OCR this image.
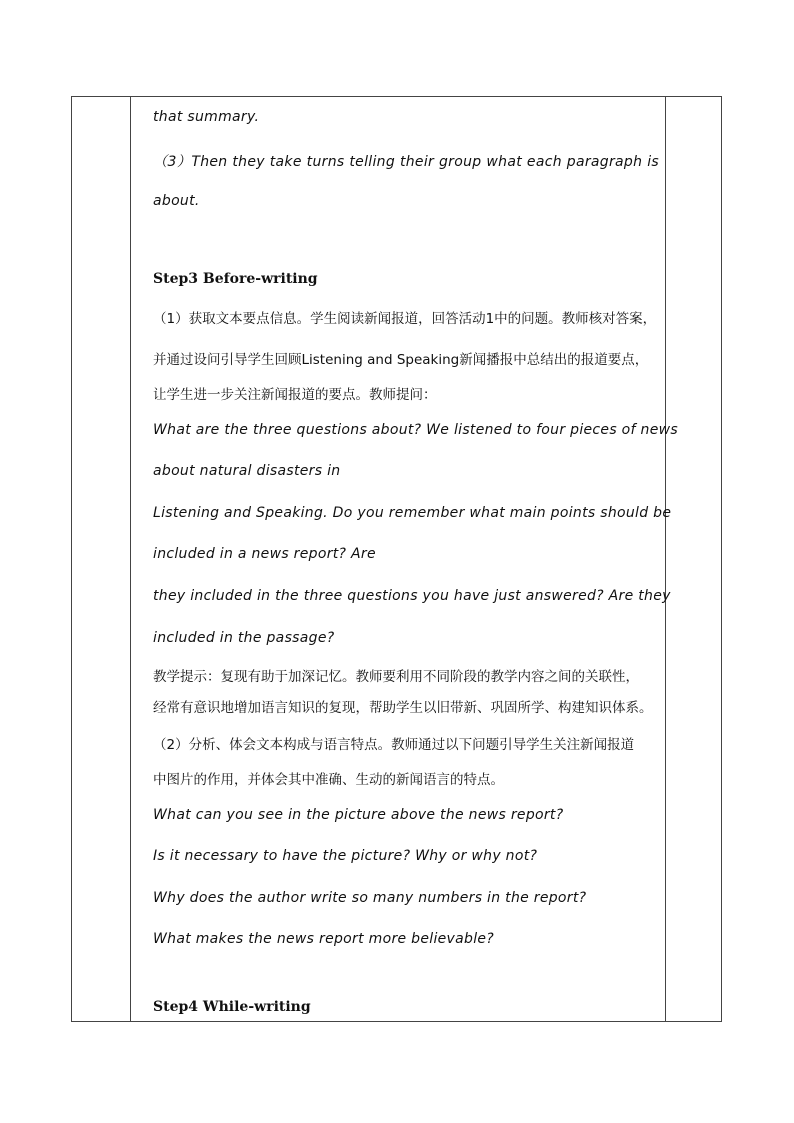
that summary.
（3）Then they take turns telling their group what each paragraph is
about.
Step3 Before-writing
（1）获取文本要点信息。学生阅读新闻报道，回答活动1中的问题。教师核对答案，
并通过设问引导学生回顾Listening and Speaking新闻播报中总结出的报道要点，
让学生进一步关注新闻报道的要点。教师提问：
What are the three questions about? We listened to four pieces of news
about natural disasters in
Listening and Speaking. Do you remember what main points should be
included in a news report? Are
they included in the three questions you have just answered? Are they
included in the passage?
教学提示：复现有助于加深记忆。教师要利用不同阶段的教学内容之间的关联性，
经常有意识地增加语言知识的复现，帮助学生以旧带新、巩固所学、构建知识体系。
（2）分析、体会文本构成与语言特点。教师通过以下问题引导学生关注新闻报道
中图片的作用，并体会其中准确、生动的新闻语言的特点。
What can you see in the picture above the news report?
Is it necessary to have the picture? Why or why not?
Why does the author write so many numbers in the report?
What makes the news report more believable?
Step4 While-writing
